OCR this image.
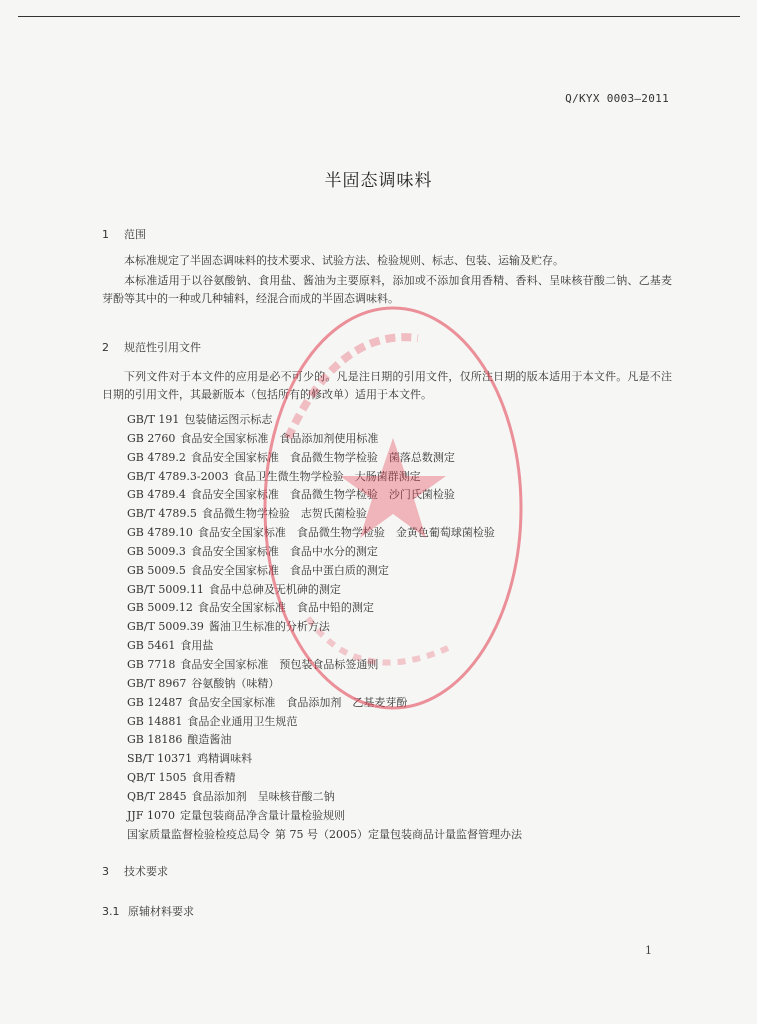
Q/KYX 0003—2011
半固态调味料
1 范围

本标准规定了半固态调味料的技术要求、试验方法、检验规则、标志、包装、运输及贮存。

本标准适用于以谷氨酸钠、食用盐、酱油为主要原料，添加或不添加食用香精、香料、呈味核苷酸二钠、乙基麦芽酚等其中的一种或几种辅料，经混合而成的半固态调味料。

2 规范性引用文件

下列文件对于本文件的应用是必不可少的。凡是注日期的引用文件，仅所注日期的版本适用于本文件。凡是不注日期的引用文件，其最新版本（包括所有的修改单）适用于本文件。

GB/T 191 包装储运图示标志
GB 2760 食品安全国家标准　食品添加剂使用标准
GB 4789.2 食品安全国家标准　食品微生物学检验　菌落总数测定
GB/T 4789.3-2003 食品卫生微生物学检验　大肠菌群测定
GB 4789.4 食品安全国家标准　食品微生物学检验　沙门氏菌检验
GB/T 4789.5 食品微生物学检验　志贺氏菌检验
GB 4789.10 食品安全国家标准　食品微生物学检验　金黄色葡萄球菌检验
GB 5009.3 食品安全国家标准　食品中水分的测定
GB 5009.5 食品安全国家标准　食品中蛋白质的测定
GB/T 5009.11 食品中总砷及无机砷的测定
GB 5009.12 食品安全国家标准　食品中铅的测定
GB/T 5009.39 酱油卫生标准的分析方法
GB 5461 食用盐
GB 7718 食品安全国家标准　预包装食品标签通则
GB/T 8967 谷氨酸钠（味精）
GB 12487 食品安全国家标准　食品添加剂　乙基麦芽酚
GB 14881 食品企业通用卫生规范
GB 18186 酿造酱油
SB/T 10371 鸡精调味料
QB/T 1505 食用香精
QB/T 2845 食品添加剂　呈味核苷酸二钠
JJF 1070 定量包装商品净含量计量检验规则
国家质量监督检验检疫总局令 第 75 号（2005）定量包装商品计量监督管理办法
3 技术要求
3.1 原辅材料要求
1
